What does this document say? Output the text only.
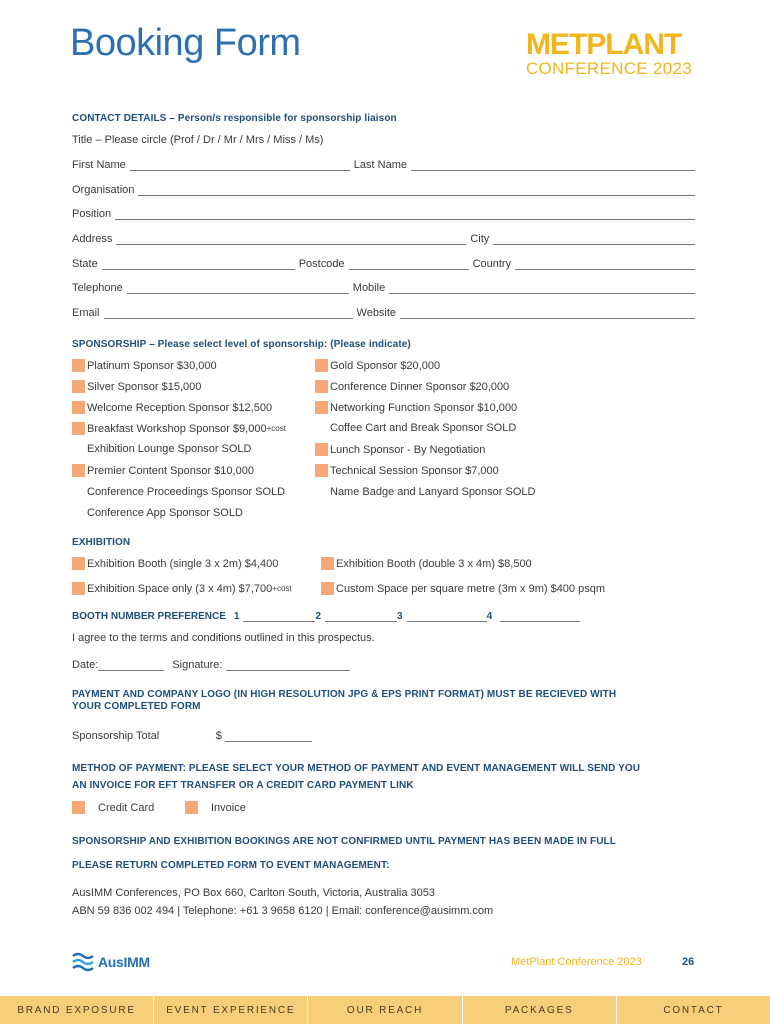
Booking Form	METPLANT
CONFERENCE 2023
CONTACT DETAILS – Person/s responsible for sponsorship liaison
Title – Please circle (Prof / Dr / Mr / Mrs / Miss / Ms)
First Name	Last Name
Organisation
Position
Address	City
State	Postcode	Country
Telephone	Mobile
Email	Website
SPONSORSHIP – Please select level of sponsorship: (Please indicate)
Platinum Sponsor $30,000
Silver Sponsor $15,000
Welcome Reception Sponsor $12,500
Breakfast Workshop Sponsor $9,000 +cost
Exhibition Lounge Sponsor SOLD
Premier Content Sponsor $10,000
Conference Proceedings Sponsor SOLD
Conference App Sponsor SOLD
Gold Sponsor $20,000
Conference Dinner Sponsor $20,000
Networking Function Sponsor $10,000
Coffee Cart and Break Sponsor SOLD
Lunch Sponsor - By Negotiation
Technical Session Sponsor $7,000
Name Badge and Lanyard Sponsor SOLD
EXHIBITION
Exhibition Booth (single 3 x 2m) $4,400	Exhibition Booth (double 3 x 4m) $8,500
Exhibition Space only (3 x 4m) $7,700 +cost	Custom Space per square metre (3m x 9m) $400 psqm
BOOTH NUMBER PREFERENCE 1	2	3	4
I agree to the terms and conditions outlined in this prospectus.
Date:	Signature:
PAYMENT AND COMPANY LOGO (IN HIGH RESOLUTION JPG & EPS PRINT FORMAT) MUST BE RECIEVED WITH
YOUR COMPLETED FORM
Sponsorship Total	$
METHOD OF PAYMENT: PLEASE SELECT YOUR METHOD OF PAYMENT AND EVENT MANAGEMENT WILL SEND YOU
AN INVOICE FOR EFT TRANSFER OR A CREDIT CARD PAYMENT LINK
Credit Card	Invoice
SPONSORSHIP AND EXHIBITION BOOKINGS ARE NOT CONFIRMED UNTIL PAYMENT HAS BEEN MADE IN FULL
PLEASE RETURN COMPLETED FORM TO EVENT MANAGEMENT:
AusIMM Conferences, PO Box 660, Carlton South, Victoria, Australia 3053
ABN 59 836 002 494 | Telephone: +61 3 9658 6120 | Email: conference@ausimm.com
AusIMM	MetPlant Conference 2023	26
BRAND EXPOSURE	EVENT EXPERIENCE	OUR REACH	PACKAGES	CONTACT
